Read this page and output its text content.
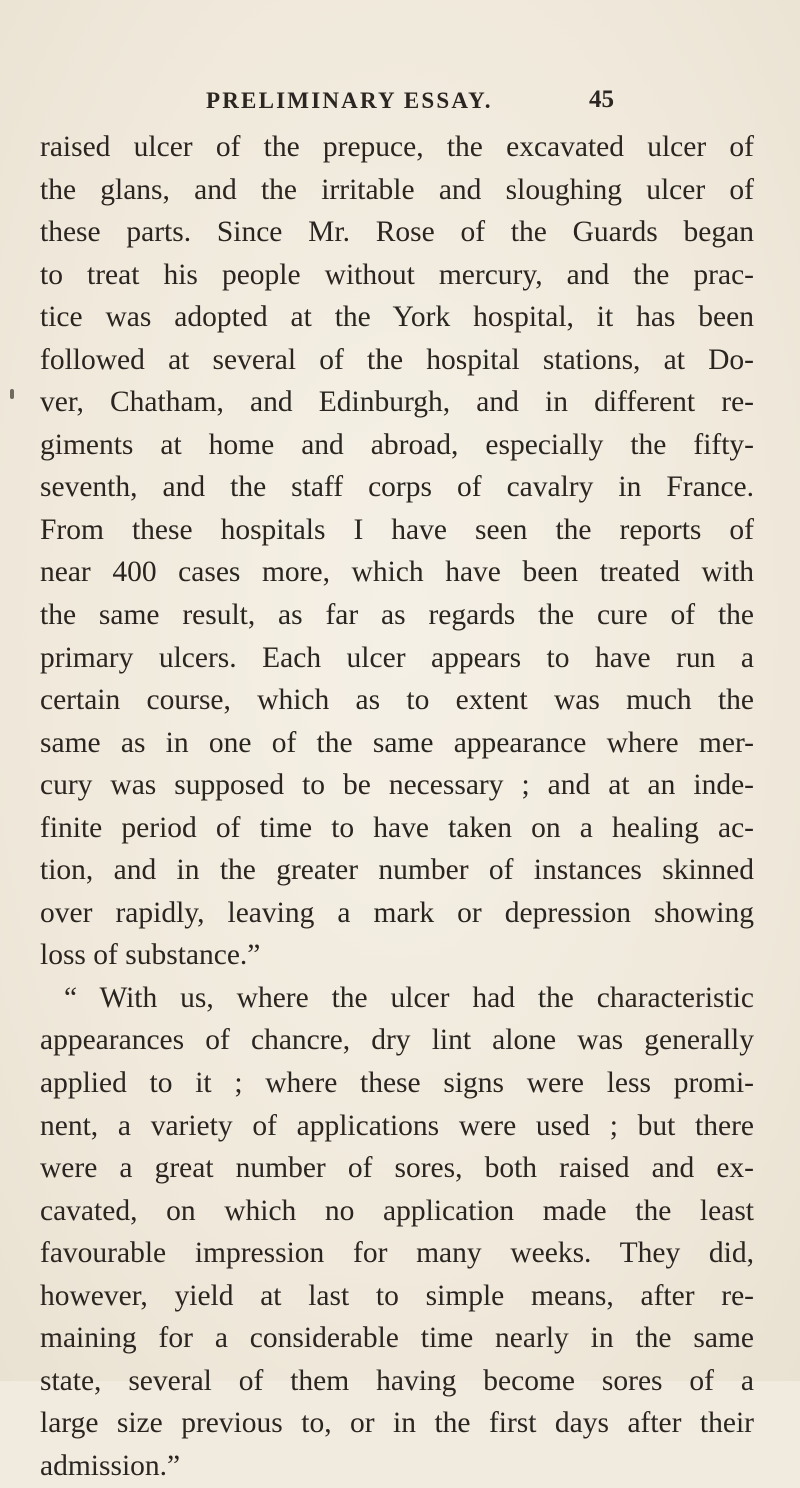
PRELIMINARY ESSAY.	45
raised ulcer of the prepuce, the excavated ulcer of
the glans, and the irritable and sloughing ulcer of
these parts. Since Mr. Rose of the Guards began
to treat his people without mercury, and the prac-
tice was adopted at the York hospital, it has been
followed at several of the hospital stations, at Do-
ver, Chatham, and Edinburgh, and in different re-
giments at home and abroad, especially the fifty-
seventh, and the staff corps of cavalry in France.
From these hospitals I have seen the reports of
near 400 cases more, which have been treated with
the same result, as far as regards the cure of the
primary ulcers. Each ulcer appears to have run a
certain course, which as to extent was much the
same as in one of the same appearance where mer-
cury was supposed to be necessary ; and at an inde-
finite period of time to have taken on a healing ac-
tion, and in the greater number of instances skinned
over rapidly, leaving a mark or depression showing
loss of substance.”
“ With us, where the ulcer had the characteristic
appearances of chancre, dry lint alone was generally
applied to it ; where these signs were less promi-
nent, a variety of applications were used ; but there
were a great number of sores, both raised and ex-
cavated, on which no application made the least
favourable impression for many weeks. They did,
however, yield at last to simple means, after re-
maining for a considerable time nearly in the same
state, several of them having become sores of a
large size previous to, or in the first days after their
admission.”
